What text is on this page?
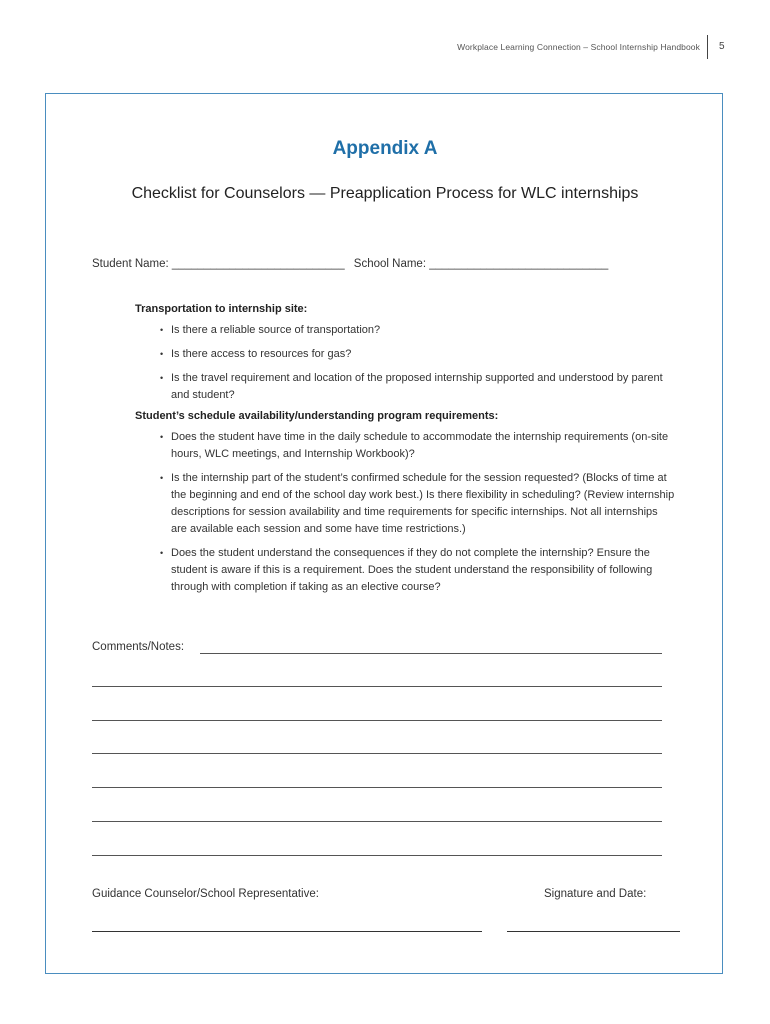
Workplace Learning Connection – School Internship Handbook 5
Appendix A
Checklist for Counselors — Preapplication Process for WLC internships
Student Name: ___________________________ School Name: ____________________________

Transportation to internship site:

• Is there a reliable source of transportation?
• Is there access to resources for gas?
• Is the travel requirement and location of the proposed internship supported and understood by parent and student?

Student’s schedule availability/understanding program requirements:

• Does the student have time in the daily schedule to accommodate the internship requirements (on-site hours, WLC meetings, and Internship Workbook)?
• Is the internship part of the student’s confirmed schedule for the session requested? (Blocks of time at the beginning and end of the school day work best.) Is there flexibility in scheduling? (Review internship descriptions for session availability and time requirements for specific internships. Not all internships are available each session and some have time restrictions.)
• Does the student understand the consequences if they do not complete the internship? Ensure the student is aware if this is a requirement. Does the student understand the responsibility of following through with completion if taking as an elective course?
Comments/Notes:
Guidance Counselor/School Representative:	Signature and Date:
